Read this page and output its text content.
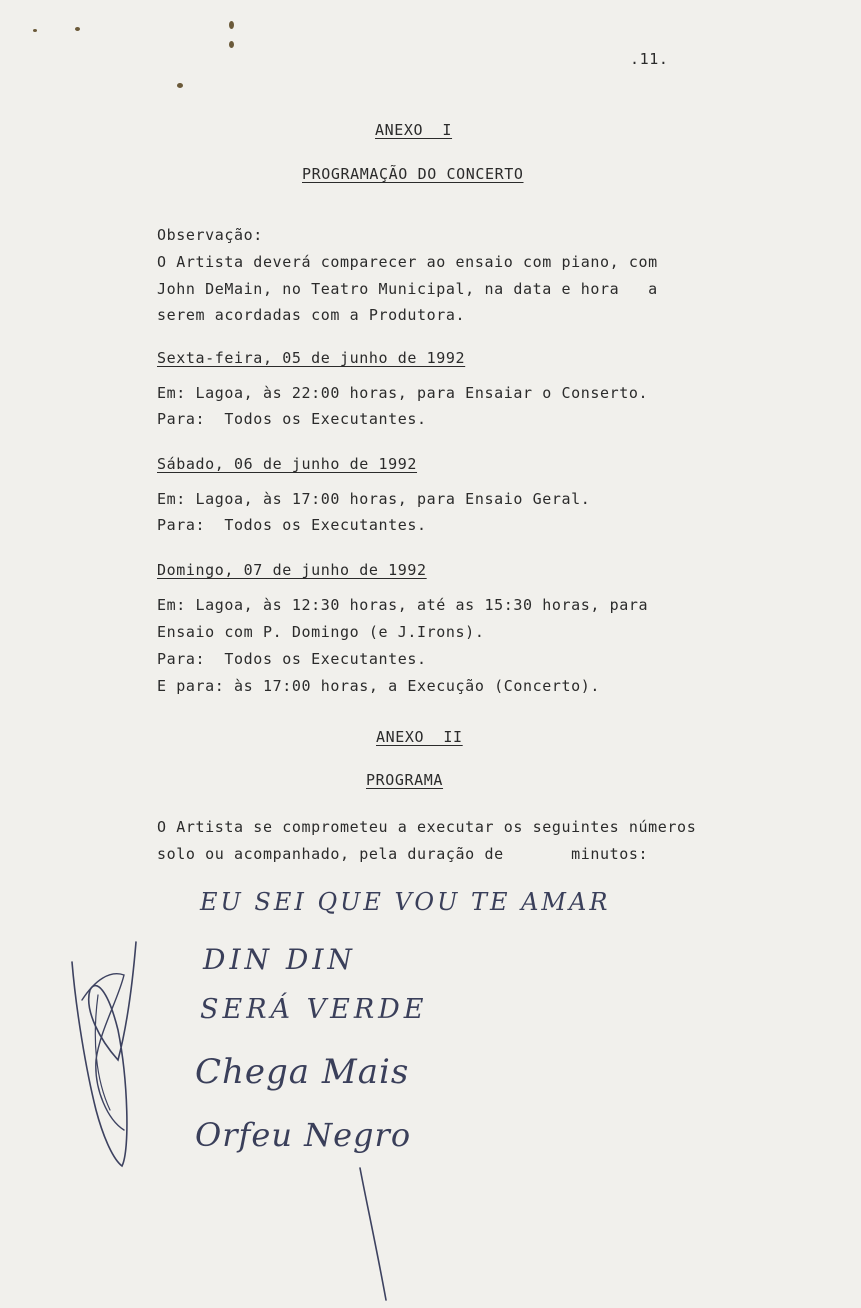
.11.
ANEXO  I
PROGRAMAÇÃO DO CONCERTO
Observação:
O Artista deverá comparecer ao ensaio com piano, com
John DeMain, no Teatro Municipal, na data e hora   a
serem acordadas com a Produtora.
Sexta-feira, 05 de junho de 1992
Em: Lagoa, às 22:00 horas, para Ensaiar o Conserto.
Para:  Todos os Executantes.
Sábado, 06 de junho de 1992
Em: Lagoa, às 17:00 horas, para Ensaio Geral.
Para:  Todos os Executantes.
Domingo, 07 de junho de 1992
Em: Lagoa, às 12:30 horas, até as 15:30 horas, para
Ensaio com P. Domingo (e J.Irons).
Para:  Todos os Executantes.
E para: às 17:00 horas, a Execução (Concerto).
ANEXO  II
PROGRAMA
O Artista se comprometeu a executar os seguintes números
solo ou acompanhado, pela duração de       minutos:
EU SEI QUE VOU TE AMAR
DIN DIN
SERÁ VERDE
Chega Mais
Orfeu Negro
